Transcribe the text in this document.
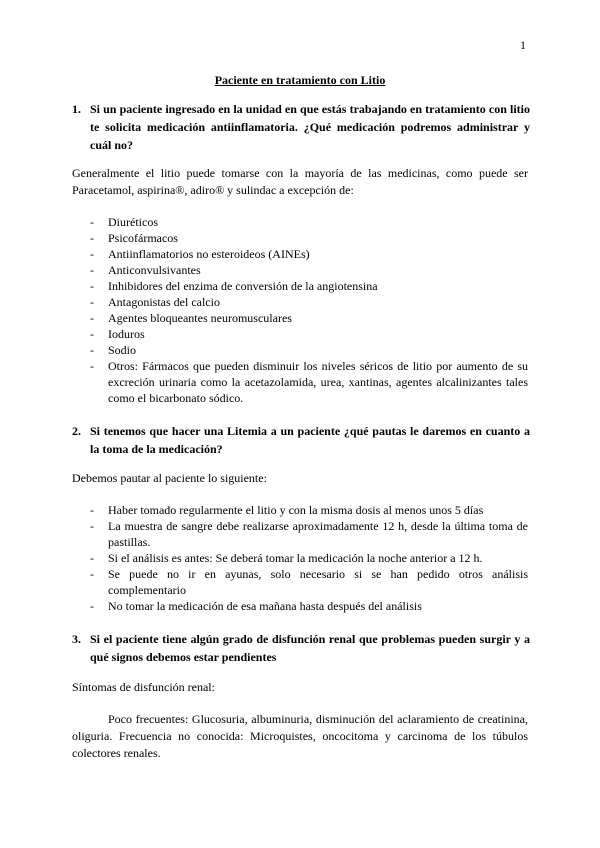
1
Paciente en tratamiento con Litio
1. Si un paciente ingresado en la unidad en que estás trabajando en tratamiento con litio te solicita medicación antiinflamatoria. ¿Qué medicación podremos administrar y cuál no?
Generalmente el litio puede tomarse con la mayoría de las medicinas, como puede ser Paracetamol, aspirina®, adiro® y sulindac a excepción de:
- Diuréticos
- Psicofármacos
- Antiinflamatorios no esteroideos (AINEs)
- Anticonvulsivantes
- Inhibidores del enzima de conversión de la angiotensina
- Antagonistas del calcio
- Agentes bloqueantes neuromusculares
- Ioduros
- Sodio
- Otros: Fármacos que pueden disminuir los niveles séricos de litio por aumento de su excreción urinaria como la acetazolamida, urea, xantinas, agentes alcalinizantes tales como el bicarbonato sódico.
2. Si tenemos que hacer una Litemia a un paciente ¿qué pautas le daremos en cuanto a la toma de la medicación?
Debemos pautar al paciente lo siguiente:
- Haber tomado regularmente el litio y con la misma dosis al menos unos 5 días
- La muestra de sangre debe realizarse aproximadamente 12 h, desde la última toma de pastillas.
- Si el análisis es antes: Se deberá tomar la medicación la noche anterior a 12 h.
- Se puede no ir en ayunas, solo necesario si se han pedido otros análisis complementario
- No tomar la medicación de esa mañana hasta después del análisis
3. Si el paciente tiene algún grado de disfunción renal que problemas pueden surgir y a qué signos debemos estar pendientes
Síntomas de disfunción renal:
Poco frecuentes: Glucosuria, albuminuria, disminución del aclaramiento de creatinina, oliguria. Frecuencia no conocida: Microquistes, oncocitoma y carcinoma de los túbulos colectores renales.
